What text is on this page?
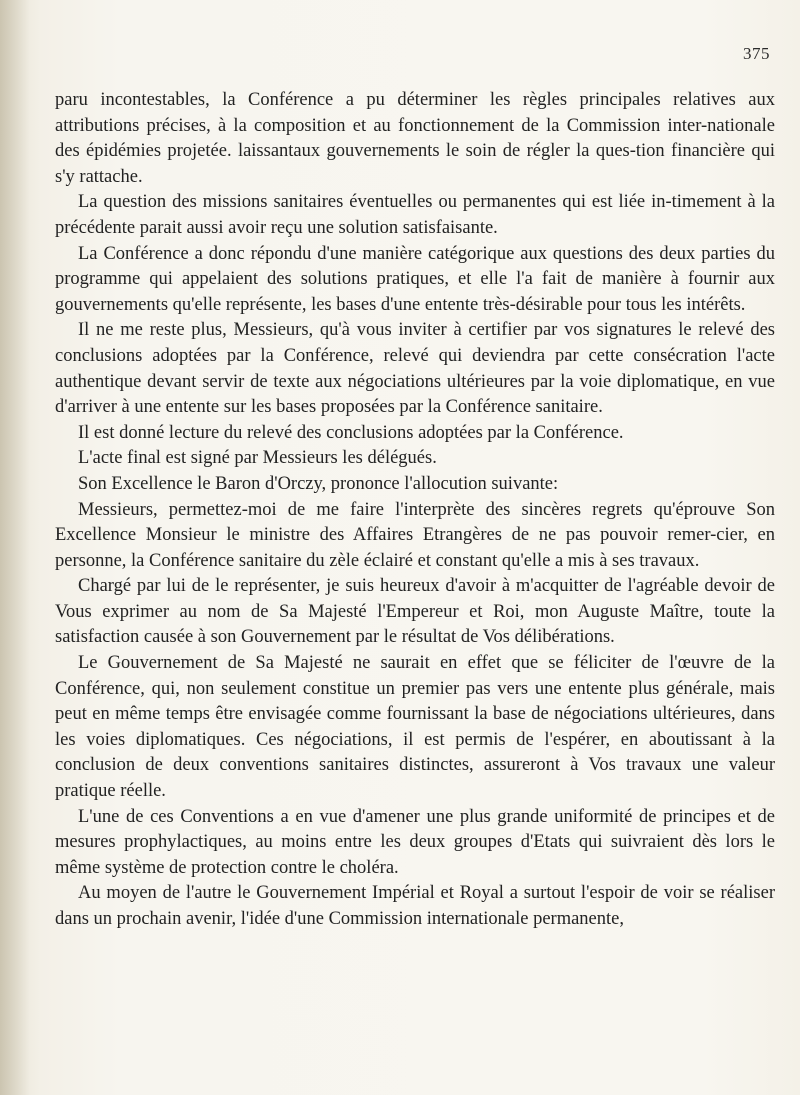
375

paru incontestables, la Conférence a pu déterminer les règles principales relatives aux attributions précises, à la composition et au fonctionnement de la Commission inter-nationale des épidémies projetée. laissantaux gouvernements le soin de régler la ques-tion financière qui s'y rattache.

La question des missions sanitaires éventuelles ou permanentes qui est liée in-timement à la précédente parait aussi avoir reçu une solution satisfaisante.

La Conférence a donc répondu d'une manière catégorique aux questions des deux parties du programme qui appelaient des solutions pratiques, et elle l'a fait de manière à fournir aux gouvernements qu'elle représente, les bases d'une entente très-désirable pour tous les intérêts.

Il ne me reste plus, Messieurs, qu'à vous inviter à certifier par vos signatures le relevé des conclusions adoptées par la Conférence, relevé qui deviendra par cette consécration l'acte authentique devant servir de texte aux négociations ultérieures par la voie diplomatique, en vue d'arriver à une entente sur les bases proposées par la Conférence sanitaire.

Il est donné lecture du relevé des conclusions adoptées par la Conférence.

L'acte final est signé par Messieurs les délégués.

Son Excellence le Baron d'Orczy, prononce l'allocution suivante:

Messieurs, permettez-moi de me faire l'interprète des sincères regrets qu'éprouve Son Excellence Monsieur le ministre des Affaires Etrangères de ne pas pouvoir remer-cier, en personne, la Conférence sanitaire du zèle éclairé et constant qu'elle a mis à ses travaux.

Chargé par lui de le représenter, je suis heureux d'avoir à m'acquitter de l'agréable devoir de Vous exprimer au nom de Sa Majesté l'Empereur et Roi, mon Auguste Maître, toute la satisfaction causée à son Gouvernement par le résultat de Vos délibérations.

Le Gouvernement de Sa Majesté ne saurait en effet que se féliciter de l'œuvre de la Conférence, qui, non seulement constitue un premier pas vers une entente plus générale, mais peut en même temps être envisagée comme fournissant la base de négociations ultérieures, dans les voies diplomatiques. Ces négociations, il est permis de l'espérer, en aboutissant à la conclusion de deux conventions sanitaires distinctes, assureront à Vos travaux une valeur pratique réelle.

L'une de ces Conventions a en vue d'amener une plus grande uniformité de principes et de mesures prophylactiques, au moins entre les deux groupes d'Etats qui suivraient dès lors le même système de protection contre le choléra.

Au moyen de l'autre le Gouvernement Impérial et Royal a surtout l'espoir de voir se réaliser dans un prochain avenir, l'idée d'une Commission internationale permanente,
